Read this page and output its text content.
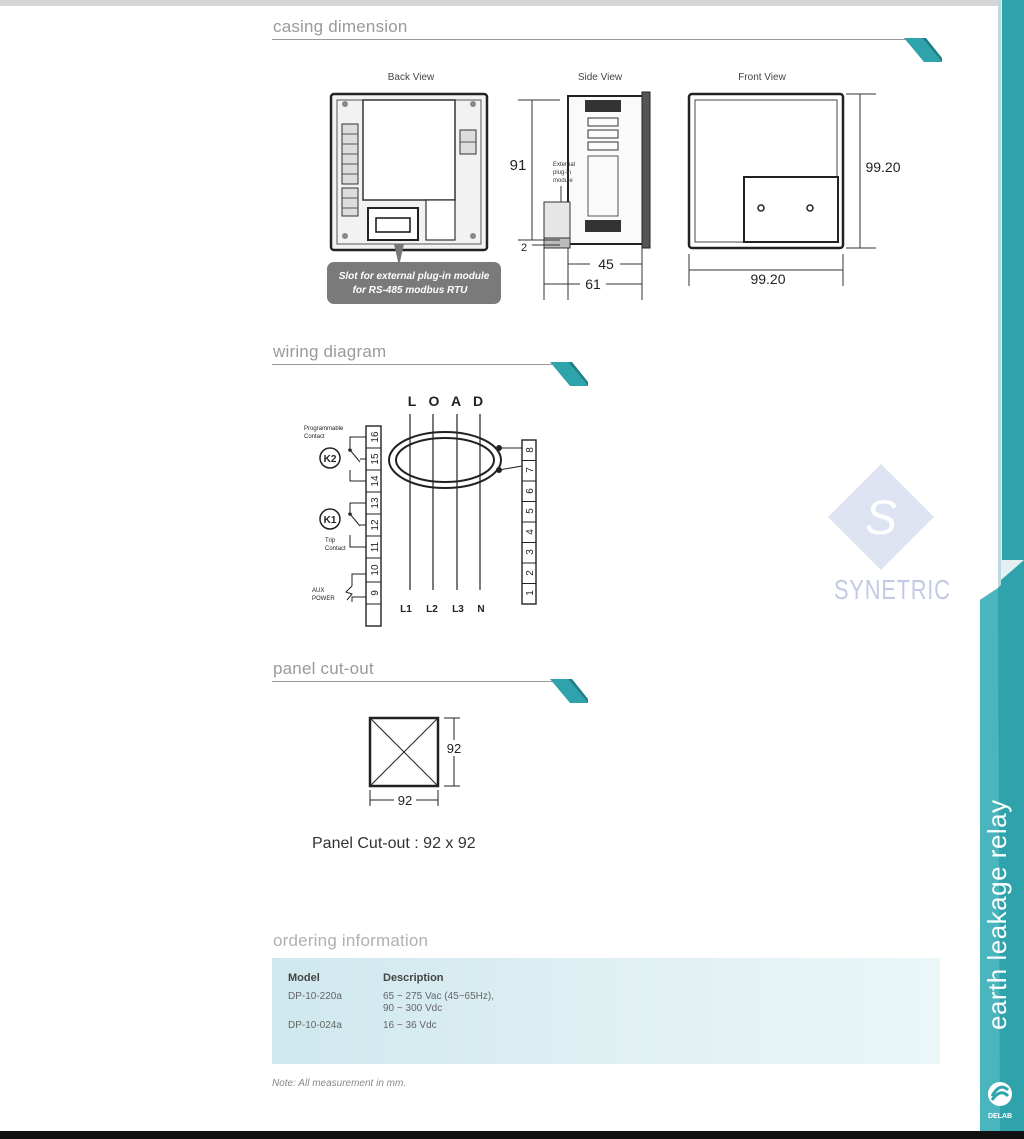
earth leakage relay
DELAB
S
SYNETRIC
casing dimension
Back View	Side View	Front View
Slot for external plug-in module
for RS-485 modbus RTU
External
plug-in
module
91
2
45
61
99.20
99.20
wiring diagram
L O A D
L1 L2 L3 N
8
7
6
5
4
3
2
1
16
15
14
13
12
11
10
9
Programmable
Contact
K2
K1
Trip
Contact
AUX
POWER
panel cut-out
92
92
Panel Cut-out : 92 x 92
ordering information
Model	Description
DP-10-220a	65 ~ 275 Vac (45~65Hz),
90 ~ 300 Vdc
DP-10-024a	16 ~ 36 Vdc
Note: All measurement in mm.
